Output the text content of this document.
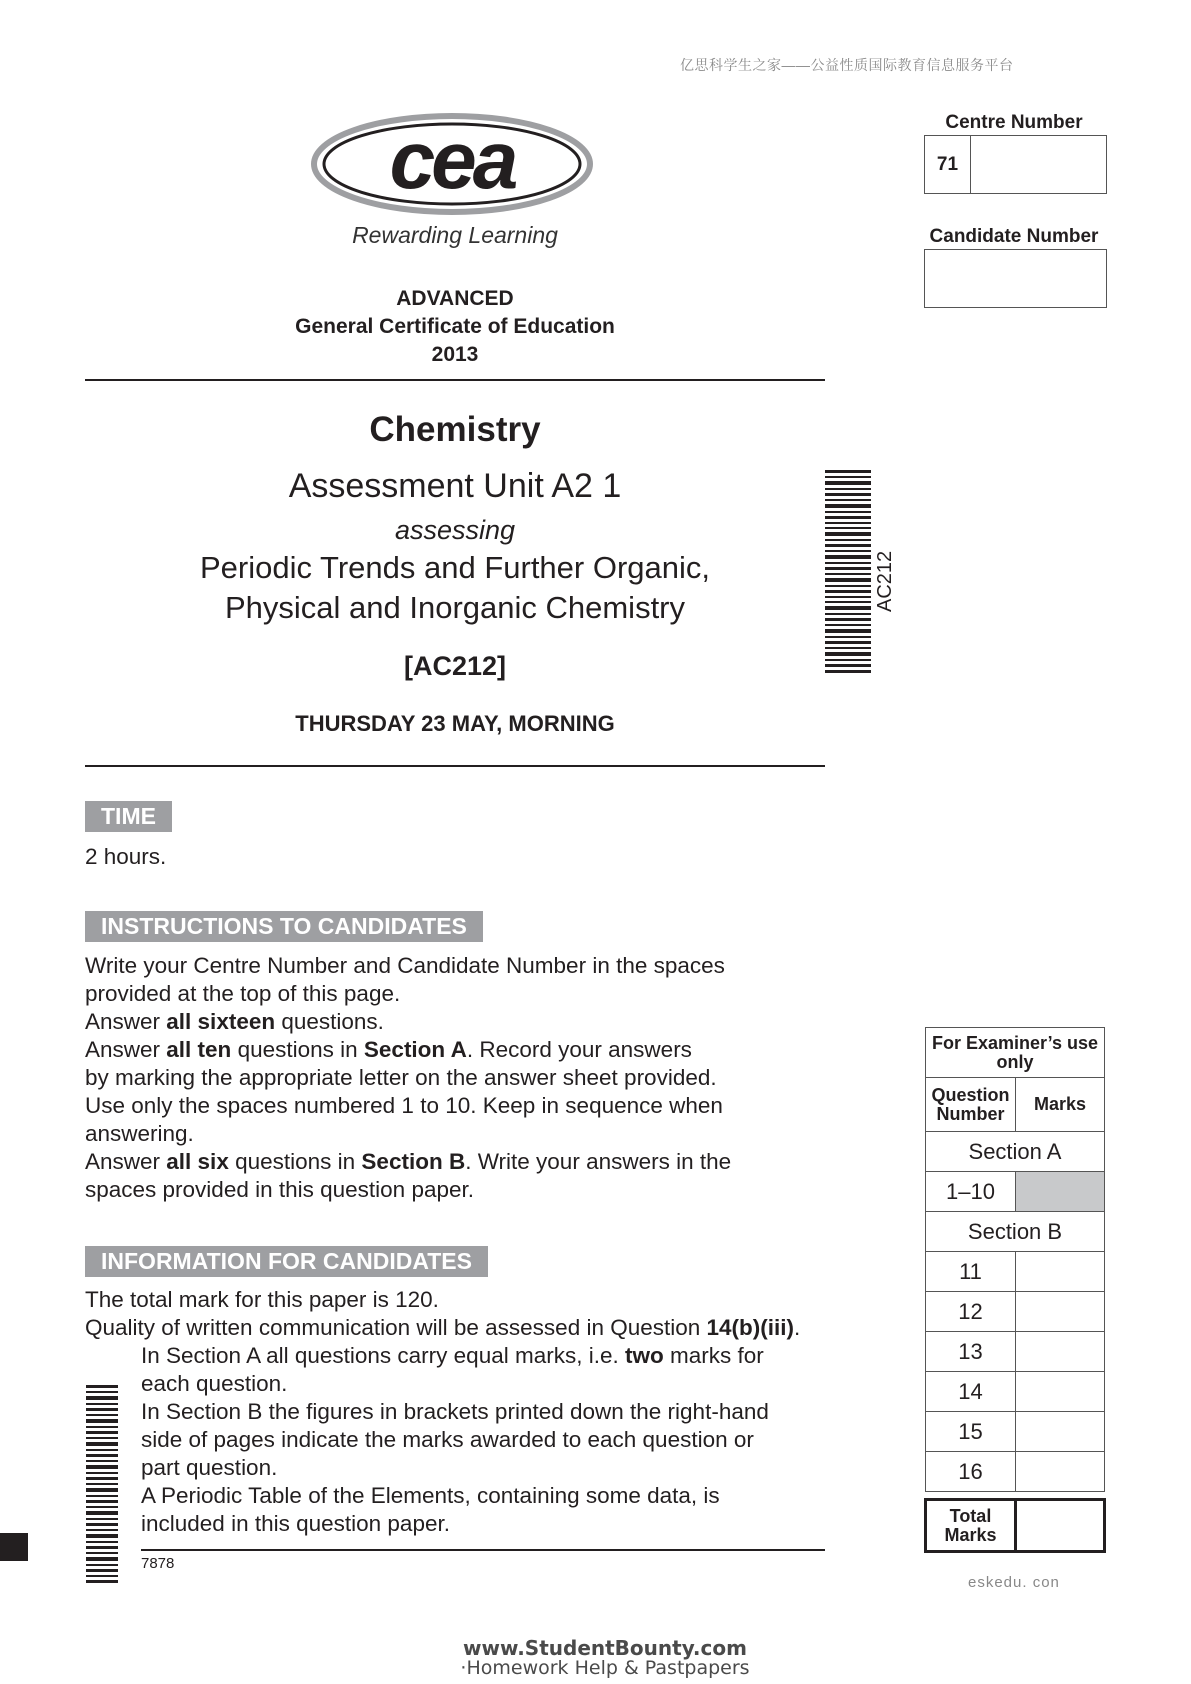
亿思科学生之家——公益性质国际教育信息服务平台
cea
Rewarding Learning
ADVANCED
General Certificate of Education
2013
Chemistry
Assessment Unit A2 1
assessing
Periodic Trends and Further Organic,
Physical and Inorganic Chemistry
[AC212]
THURSDAY 23 MAY, MORNING
AC212
Centre Number
71
Candidate Number
TIME
2 hours.
INSTRUCTIONS TO CANDIDATES
Write your Centre Number and Candidate Number in the spaces
provided at the top of this page.
Answer all sixteen questions.
Answer all ten questions in Section A. Record your answers
by marking the appropriate letter on the answer sheet provided.
Use only the spaces numbered 1 to 10. Keep in sequence when
answering.
Answer all six questions in Section B. Write your answers in the
spaces provided in this question paper.
INFORMATION FOR CANDIDATES
The total mark for this paper is 120.
Quality of written communication will be assessed in Question 14(b)(iii).
In Section A all questions carry equal marks, i.e. two marks for
each question.
In Section B the figures in brackets printed down the right-hand
side of pages indicate the marks awarded to each question or
part question.
A Periodic Table of the Elements, containing some data, is
included in this question paper.
7878
For Examiner’s use only	
Question Number	Marks
Section A	
1–10	
Section B	
11	
12	
13	
14	
15	
16	

Total Marks	
eskedu. con
www.StudentBounty.com
·Homework Help & Pastpapers
